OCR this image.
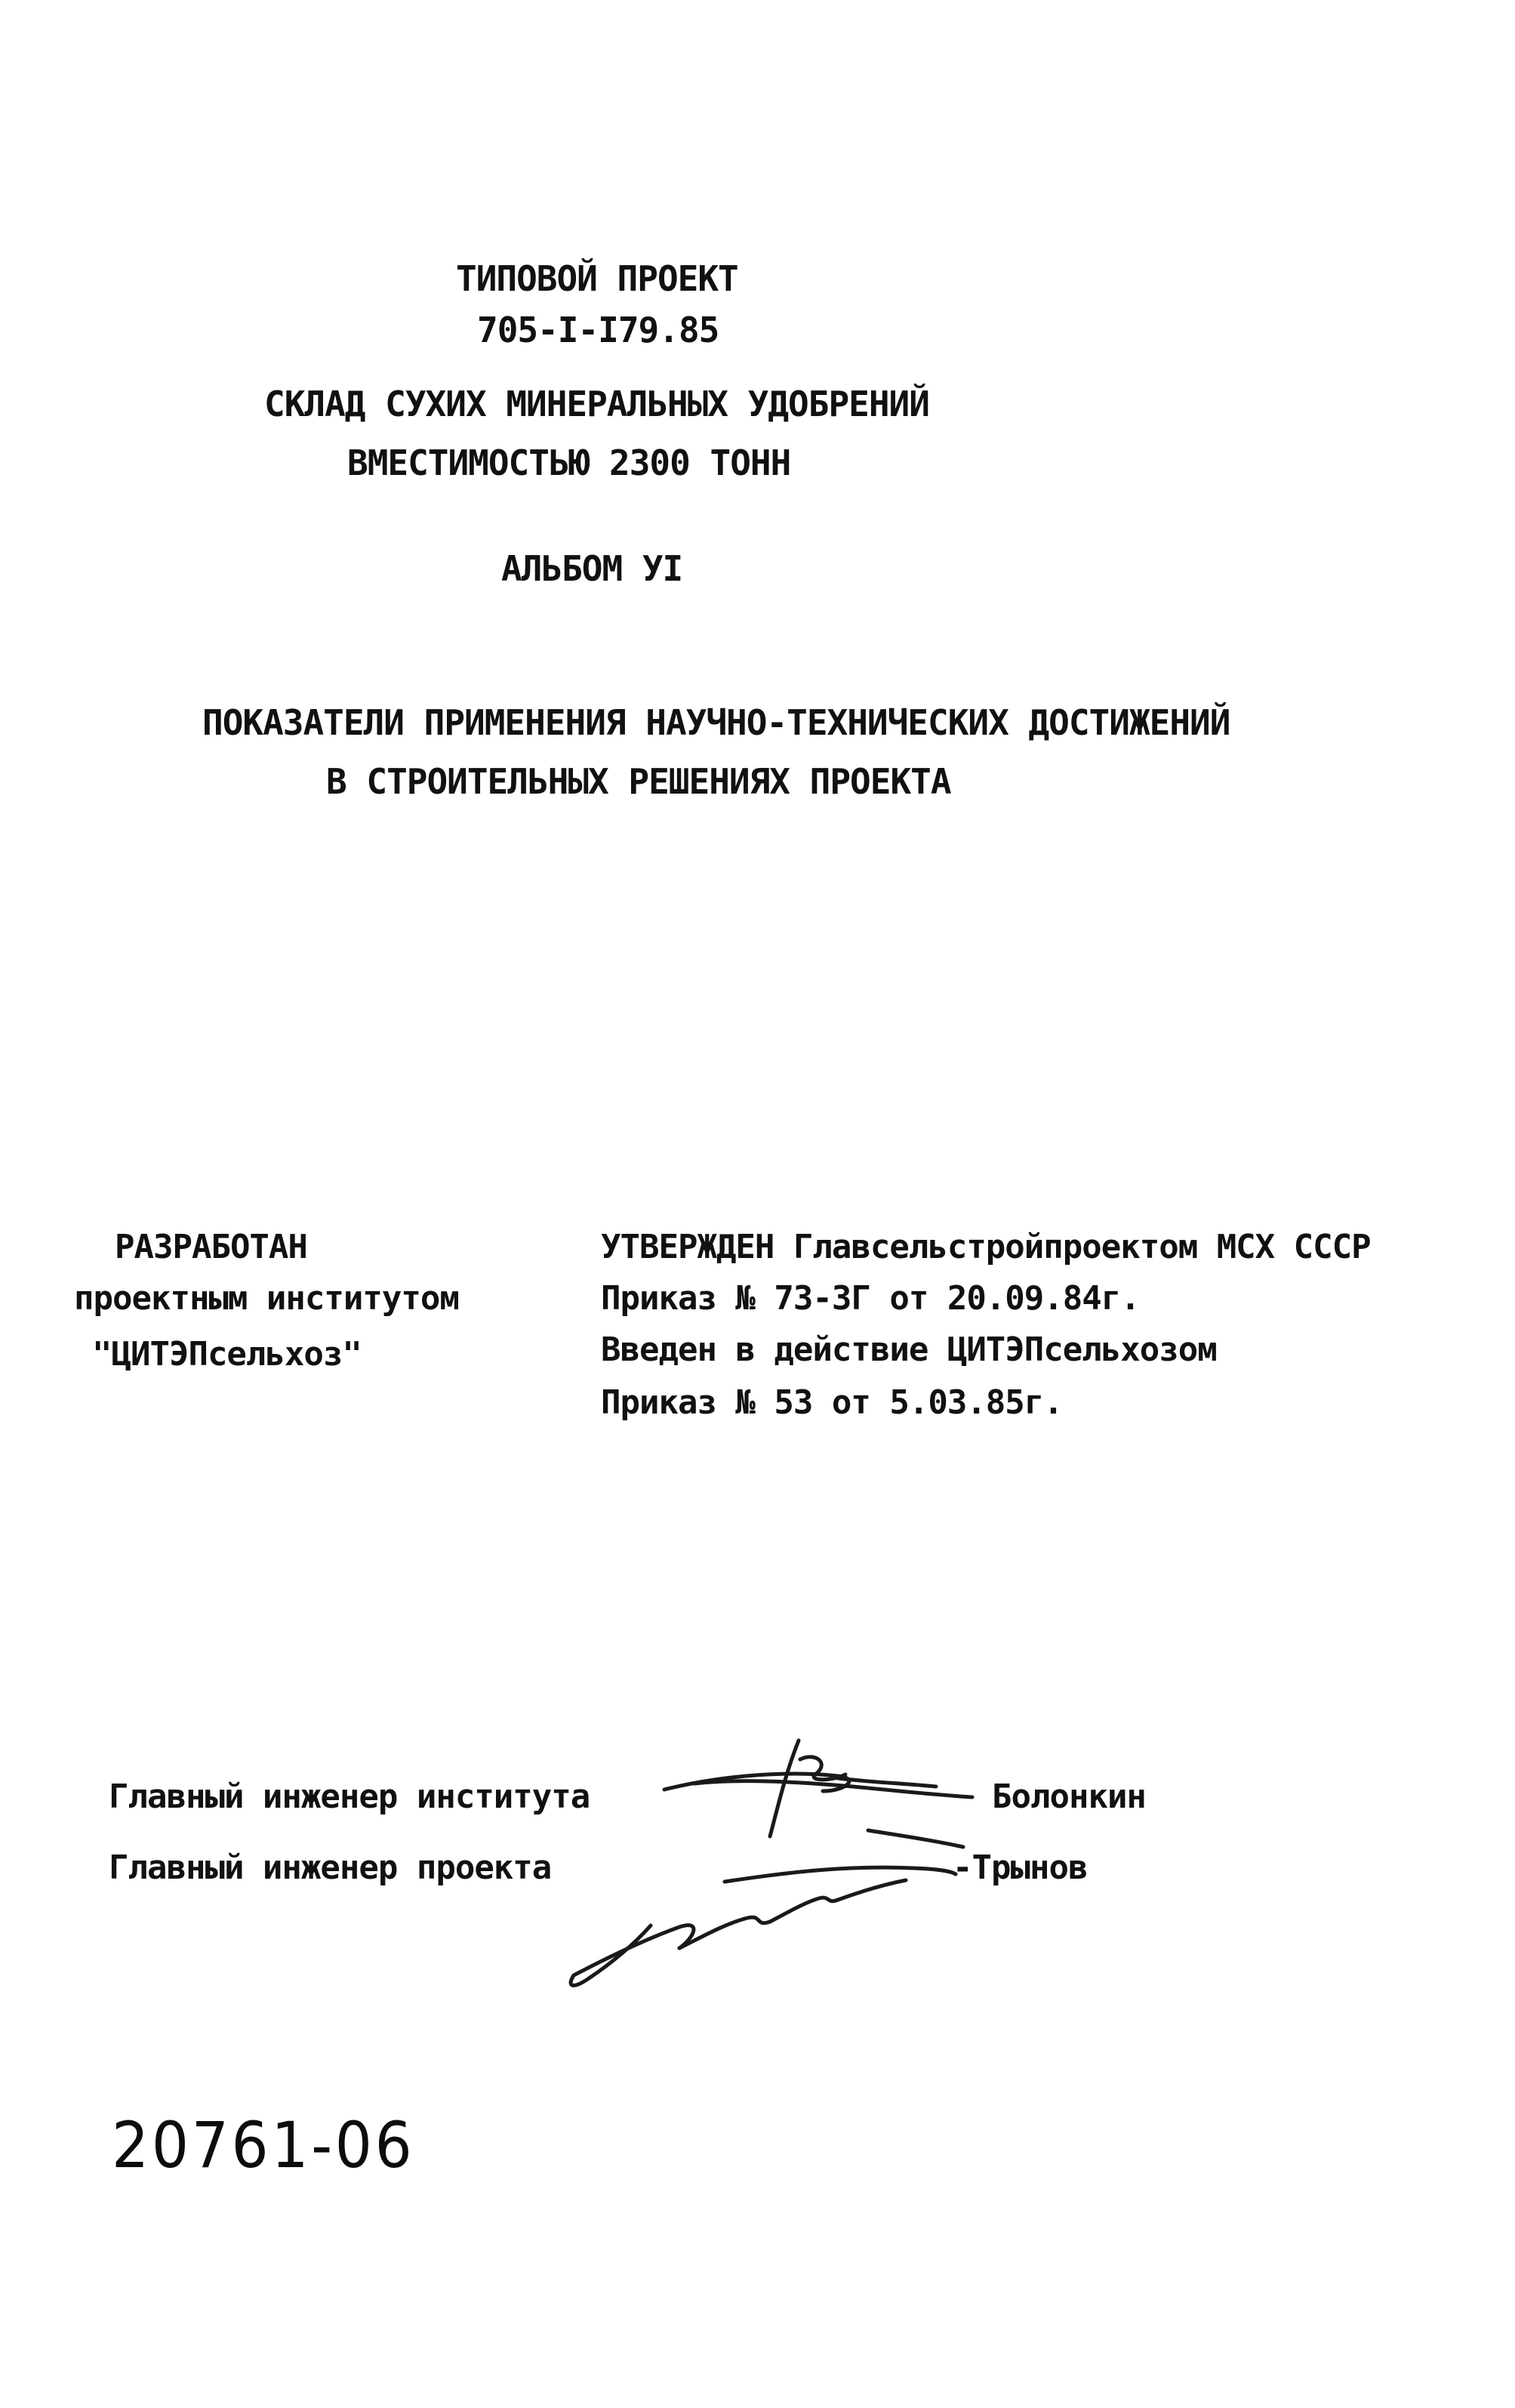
ТИПОВОЙ ПРОЕКТ
705-I-I79.85
СКЛАД СУХИХ МИНЕРАЛЬНЫХ УДОБРЕНИЙ
ВМЕСТИМОСТЬЮ 2300 ТОНН
АЛЬБОМ УI
ПОКАЗАТЕЛИ ПРИМЕНЕНИЯ НАУЧНО-ТЕХНИЧЕСКИХ ДОСТИЖЕНИЙ
В СТРОИТЕЛЬНЫХ РЕШЕНИЯХ ПРОЕКТА
РАЗРАБОТАН
проектным институтом
"ЦИТЭПсельхоз"
УТВЕРЖДЕН Главсельстройпроектом МСХ СССР
Приказ № 73-ЗГ от 20.09.84г.
Введен в действие ЦИТЭПсельхозом
Приказ № 53 от 5.03.85г.
Главный инженер института	Болонкин
Главный инженер проекта	-Трынов
20761-06
